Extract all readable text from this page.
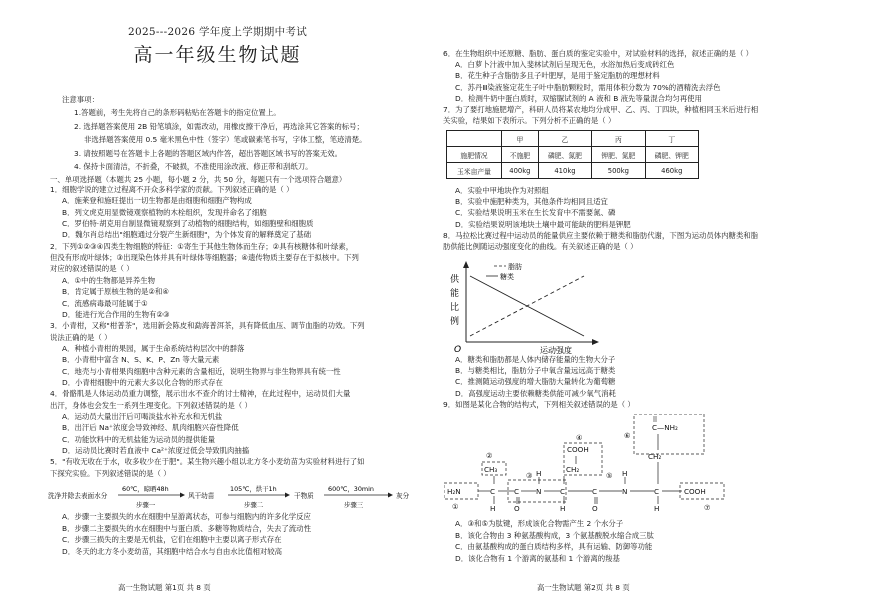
2025---2026 学年度上学期期中考试
高一年级生物试题
注意事项：
1.答题前，考生先将自己的条形码粘贴在答题卡的指定位置上。
2. 选择题答案使用 2B 铅笔填涂，如需改动，用橡皮擦干净后，再选涂其它答案的标号；
非选择题答案使用 0.5 毫米黑色中性（签字）笔或碳素笔书写，字体工整，笔迹清楚。
3. 请按照题号在答题卡上各题的答题区域内作答，超出答题区域书写的答案无效。
4. 保持卡面清洁，不折叠，不破损，不准使用涂改液、修正带和刮纸刀。
一、单项选择题（本题共 25 小题，每小题 2 分，共 50 分，每题只有一个选项符合题意）
1．细胞学说的建立过程离不开众多科学家的贡献。下列叙述正确的是（ ）
A．施莱登和施旺提出一切生物都是由细胞和细胞产物构成
B．列文虎克用显微镜观察植物的木栓组织，发现并命名了细胞
C．罗伯特·胡克用自制显微镜观察到了动植物的细胞结构，如细胞壁和细胞质
D．魏尔肖总结出"细胞通过分裂产生新细胞"，为个体发育的解释奠定了基础
2．下列①②③④四类生物细胞的特征：①寄生于其他生物体而生存；②具有核糖体和叶绿素，
但没有形成叶绿体；③出现染色体并具有叶绿体等细胞器；④遗传物质主要存在于拟核中。下列
对应的叙述错误的是（ ）
A．①中的生物都是异养生物
B．肯定属于原核生物的是②和④
C．流感病毒最可能属于①
D．能进行光合作用的生物有②③
3．小青柑，又称"柑普茶"，选用新会陈皮和勐海普洱茶，具有降低血压、调节血脂的功效。下列
说法正确的是（ ）
A．种植小青柑的果园，属于生命系统结构层次中的群落
B．小青柑中富含 N、S、K、P、Zn 等大量元素
C．地壳与小青柑果肉细胞中含种元素的含量相近，说明生物界与非生物界具有统一性
D．小青柑细胞中的元素大多以化合物的形式存在
4．骨骼肌是人体运动员重力调整，展示出水不查介的讨士精神，在此过程中，运动员们大量
出汗，身体也会发生一系列生理变化。下列叙述错误的是（ ）
A．运动员大量出汗后可喝淡盐水补充水和无机盐
B．出汗后 Na⁺浓度会导致神经、肌肉细胞兴奋性降低
C．功能饮料中的无机盐能为运动员的提供能量
D．运动员比赛时若血液中 Ca²⁺浓度过低会导致肌肉抽搐
5．"有收无收在于水，收多收少在于肥"。某生物兴趣小组以北方冬小麦幼苗为实验材料进行了如
下探究实验。下列叙述错误的是（ ）
洗净并除去表面水分
60℃，晾晒48h
步骤一
风干幼苗
105℃，烘干1h
步骤二
干物质
600℃，30min
步骤三
灰分
A．步骤一主要损失的水在细胞中呈游离状态，可参与细胞内的许多化学反应
B．步骤二主要损失的水在细胞中与蛋白质、多糖等物质结合，失去了流动性
C．步骤三损失的主要是无机盐，它们在细胞中主要以离子形式存在
D．冬天的北方冬小麦幼苗，其细胞中结合水与自由水比值相对较高
高一生物试题 第1页 共 8 页
6．在生物组织中还原糖、脂肪、蛋白质的鉴定实验中，对试验材料的选择，叙述正确的是（ ）
A．白萝卜汁液中加入斐林试剂后呈现无色，水浴加热后变成砖红色
B．花生种子含脂肪多且子叶肥厚，是用于鉴定脂肪的理想材料
C．苏丹Ⅲ染液鉴定花生子叶中脂肪颗粒时，需用体积分数为 70%的酒精洗去浮色
D．检测牛奶中蛋白质时，双缩脲试剂的 A 液和 B 液先等量混合均匀再使用
7．为了要打地施肥增产，科研人员将某农地均分成甲、乙、丙、丁四块，种植相同玉米后进行相
关实验，结果如下表所示。下列分析不正确的是（ ）
	甲	乙	丙	丁
施肥情况	不施肥	磷肥、氮肥	钾肥、氮肥	磷肥、钾肥
玉米亩产量	400kg	410kg	500kg	460kg
A．实验中甲地块作为对照组
B．实验中施肥种类为，其他条件均相同且适宜
C．实验结果说明玉米在生长发育中不需要氮、磷
D．实验结果说明该地块土壤中最可能缺的肥料是钾肥
8．马拉松比赛过程中运动员的能量供应主要依赖于糖类和脂肪代谢，下图为运动员体内糖类和脂
肪供能比例随运动强度变化的曲线。有关叙述正确的是（ ）
脂肪
糖类
供
能
比
例
O	运动强度
A．糖类和脂肪都是人体内储存能量的生物大分子
B．与糖类相比，脂肪分子中氧含量远远高于糖类
C．推测随运动强度的增大脂肪大量转化为葡萄糖
D．高强度运动主要依赖糖类供能可减少氧气消耗
9．如图是某化合物的结构式，下列相关叙述错误的是（ ）
H₂N	C
CH₃
H
C
O
N
H
C
CH₂
COOH
H
C
O
N
H
C
CH₂
C—NH₂
H
COOH
①
②
③
④
⑤
⑥
⑦
A．③和⑤为肽键，形成该化合物需产生 2 个水分子
B．该化合物由 3 种氨基酸构成，3 个氨基酸脱水缩合成三肽
C．由氨基酸构成的蛋白质结构多样，具有运输、防御等功能
D．该化合物有 1 个游离的氨基和 1 个游离的羧基
高一生物试题 第2页 共 8 页
